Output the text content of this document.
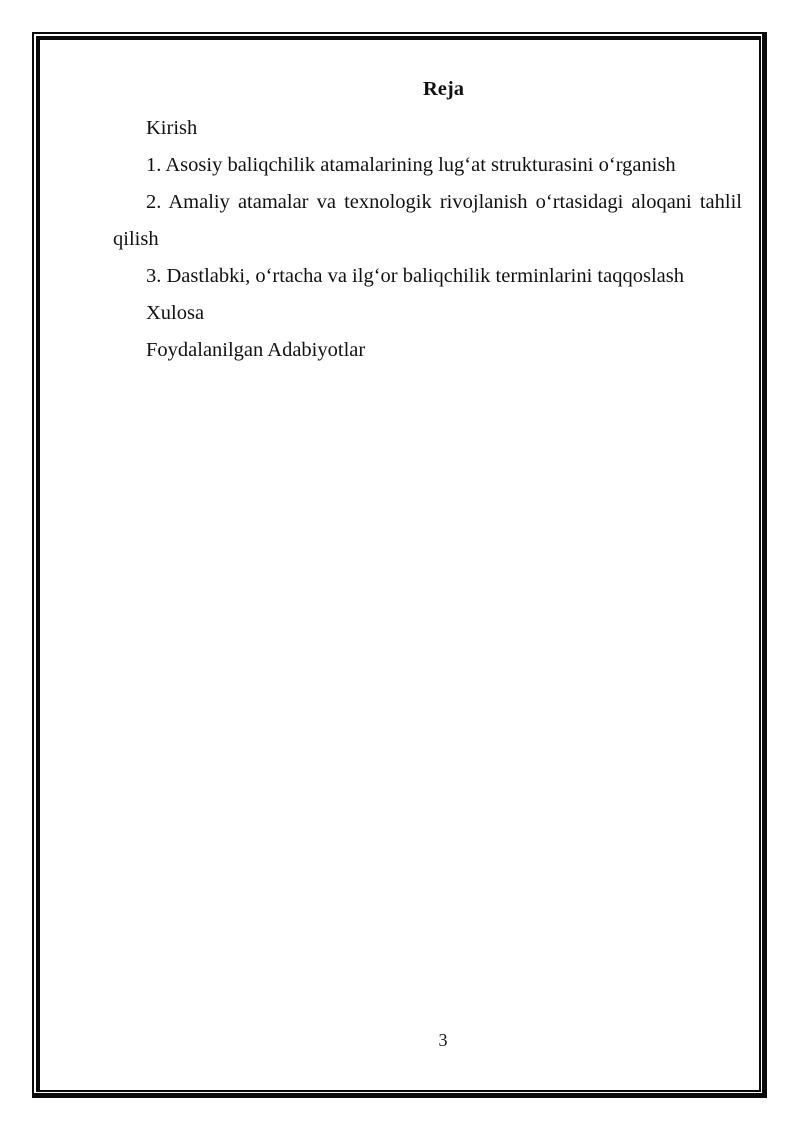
Reja

Kirish

1. Asosiy baliqchilik atamalarining lug‘at strukturasini o‘rganish

2. Amaliy atamalar va texnologik rivojlanish o‘rtasidagi aloqani tahlil qilish

3. Dastlabki, o‘rtacha va ilg‘or baliqchilik terminlarini taqqoslash

Xulosa

Foydalanilgan Adabiyotlar

3
